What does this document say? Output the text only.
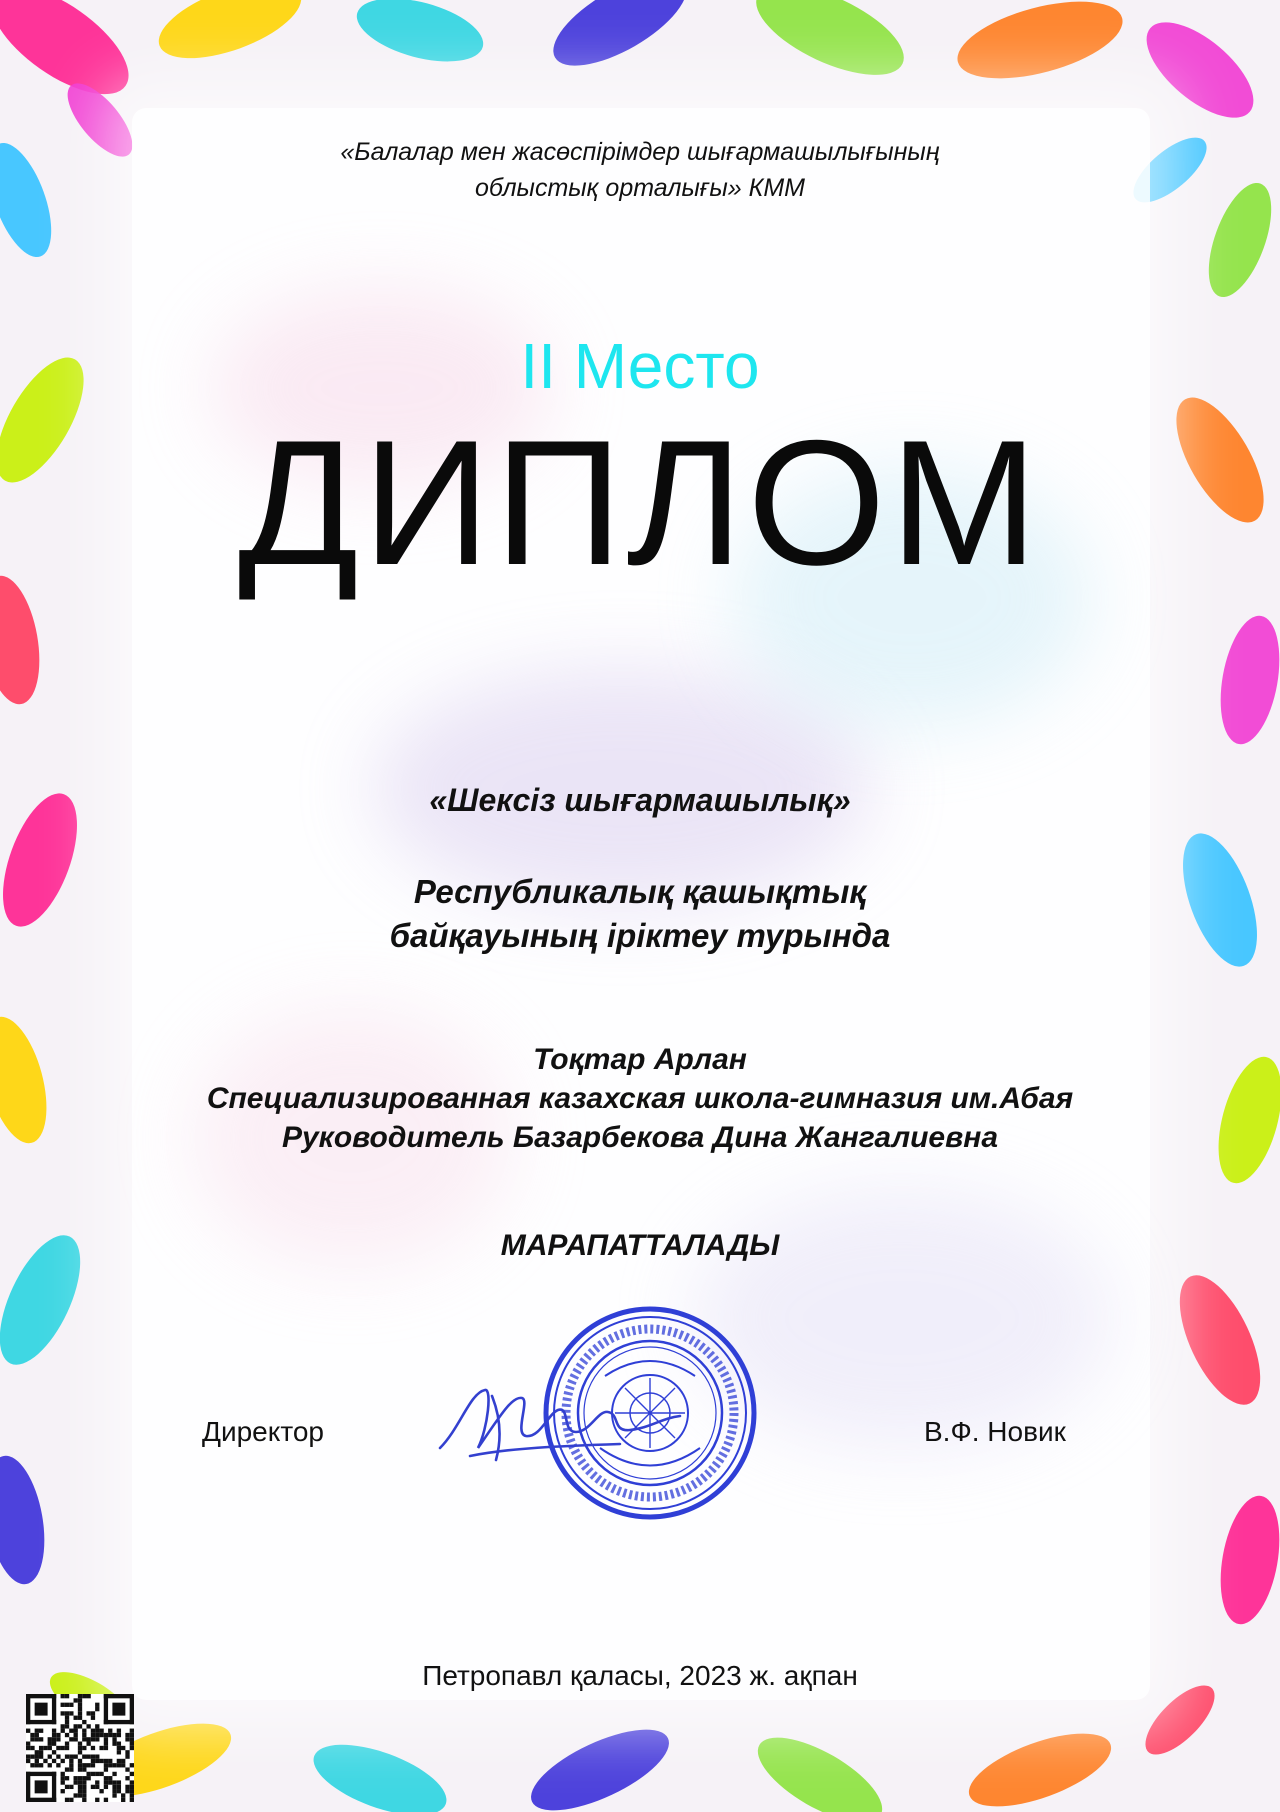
«Балалар мен жасөспірімдер шығармашылығының
облыстық орталығы» КММ
II Место
ДИПЛОМ
«Шексіз шығармашылық»
Республикалық қашықтық
байқауының іріктеу турында
Тоқтар Арлан
Специализированная казахская школа-гимназия им.Абая
Руководитель Базарбекова Дина Жангалиевна
МАРАПАТТАЛАДЫ
Директор	В.Ф. Новик
Петропавл қаласы, 2023 ж. ақпан
